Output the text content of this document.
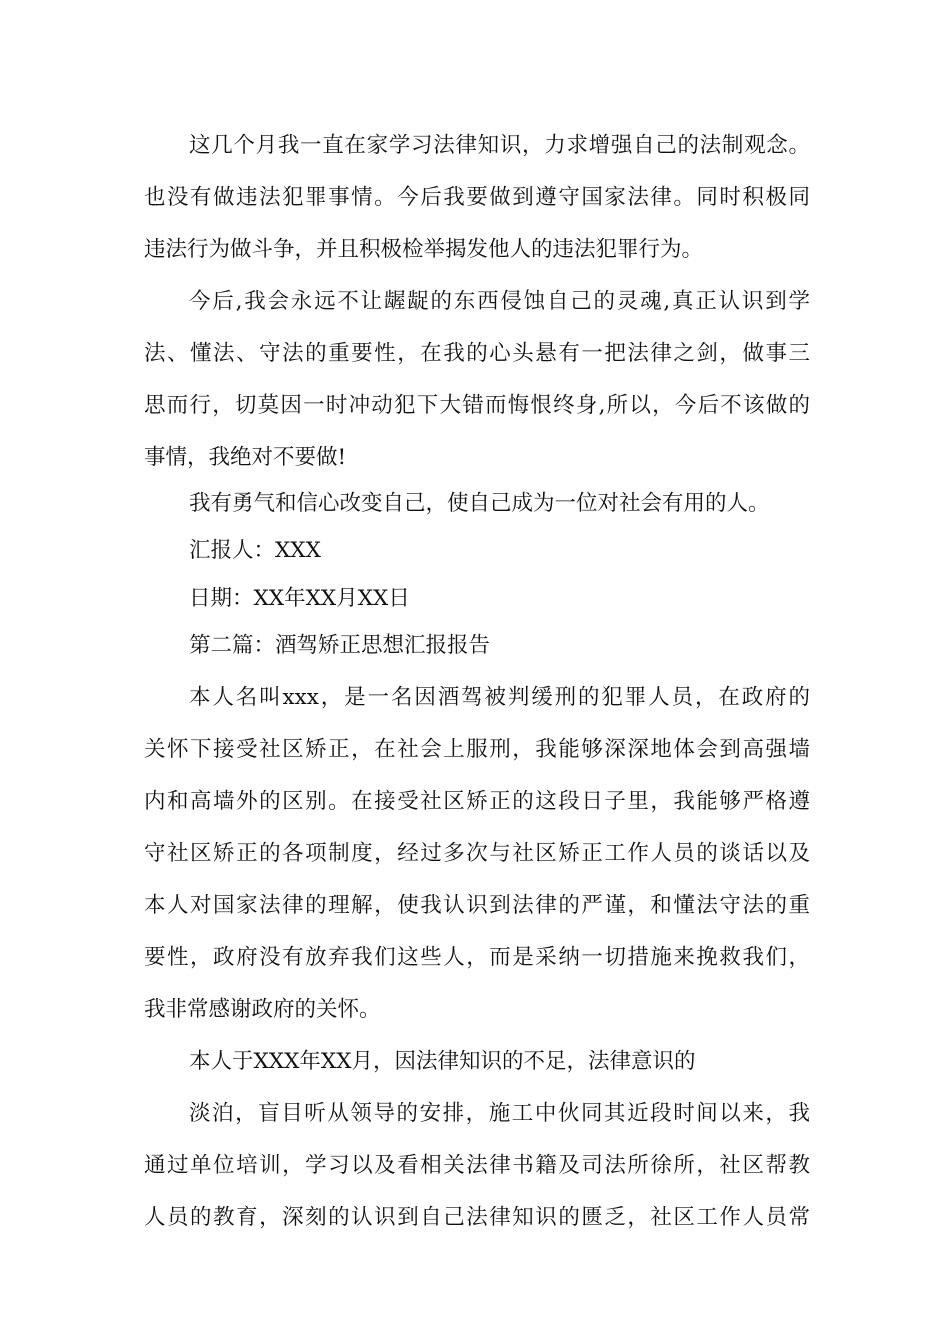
这几个月我一直在家学习法律知识，力求增强自己的法制观念。
也没有做违法犯罪事情。今后我要做到遵守国家法律。同时积极同
违法行为做斗争，并且积极检举揭发他人的违法犯罪行为。
今后,我会永远不让龌龊的东西侵蚀自己的灵魂,真正认识到学
法、懂法、守法的重要性，在我的心头悬有一把法律之剑，做事三
思而行，切莫因一时冲动犯下大错而悔恨终身,所以，今后不该做的
事情，我绝对不要做!
我有勇气和信心改变自己，使自己成为一位对社会有用的人。
汇报人：XXX
日期：XX年XX月XX日
第二篇：酒驾矫正思想汇报报告
本人名叫xxx，是一名因酒驾被判缓刑的犯罪人员，在政府的
关怀下接受社区矫正，在社会上服刑，我能够深深地体会到高强墙
内和高墙外的区别。在接受社区矫正的这段日子里，我能够严格遵
守社区矫正的各项制度，经过多次与社区矫正工作人员的谈话以及
本人对国家法律的理解，使我认识到法律的严谨，和懂法守法的重
要性，政府没有放弃我们这些人，而是采纳一切措施来挽救我们，
我非常感谢政府的关怀。
本人于XXX年XX月，因法律知识的不足，法律意识的
淡泊，盲目听从领导的安排，施工中伙同其近段时间以来，我
通过单位培训，学习以及看相关法律书籍及司法所徐所，社区帮教
人员的教育，深刻的认识到自己法律知识的匮乏，社区工作人员常
